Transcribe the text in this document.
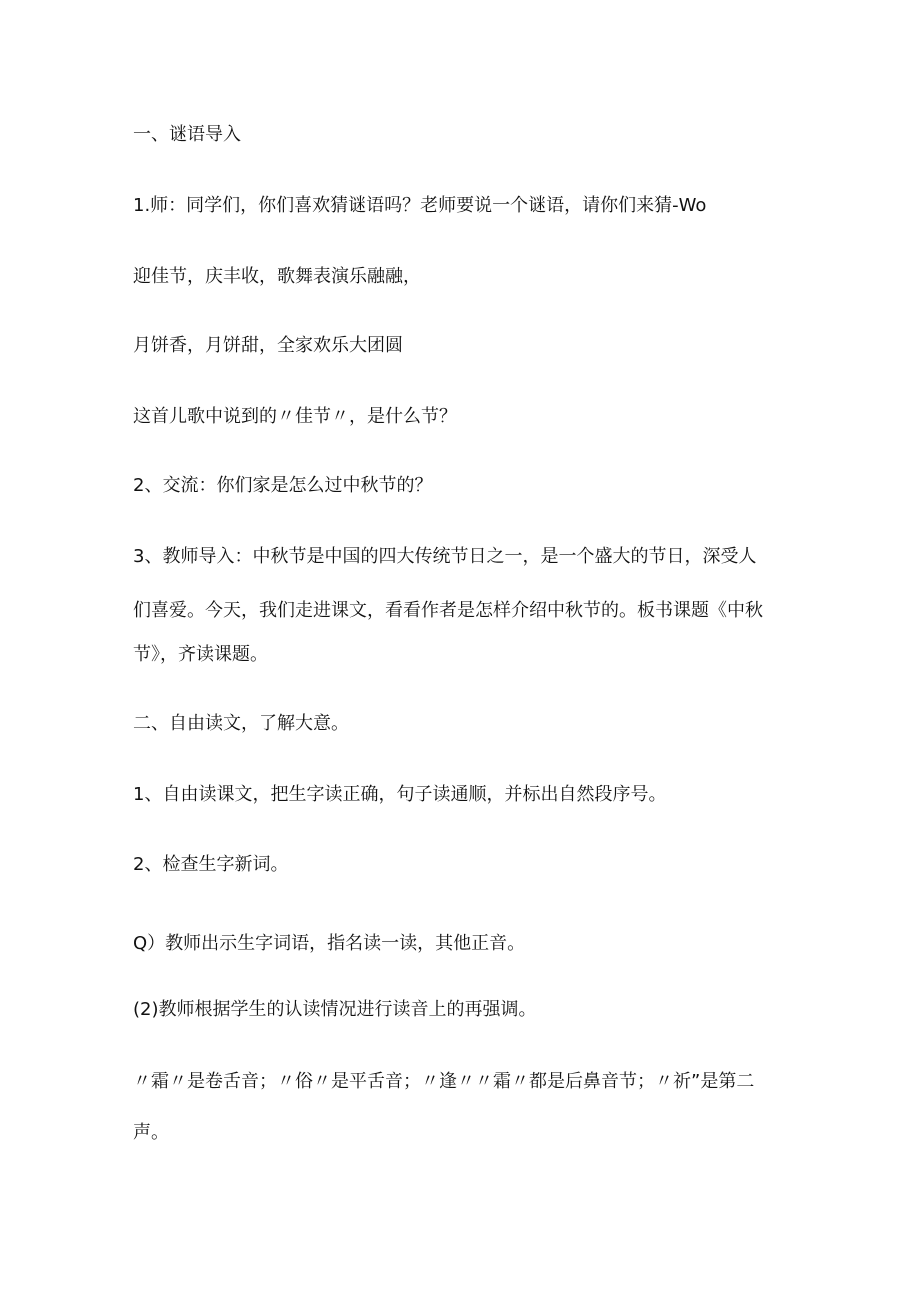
一、谜语导入
1.师：同学们，你们喜欢猜谜语吗？老师要说一个谜语，请你们来猜-Wo
迎佳节，庆丰收，歌舞表演乐融融，
月饼香，月饼甜，全家欢乐大团圆
这首儿歌中说到的〃佳节〃，是什么节？
2、交流：你们家是怎么过中秋节的？
3、教师导入：中秋节是中国的四大传统节日之一，是一个盛大的节日，深受人
们喜爱。今天，我们走进课文，看看作者是怎样介绍中秋节的。板书课题《中秋
节》，齐读课题。
二、自由读文，了解大意。
1、自由读课文，把生字读正确，句子读通顺，并标出自然段序号。
2、检查生字新词。
Q）教师出示生字词语，指名读一读，其他正音。
(2)教师根据学生的认读情况进行读音上的再强调。
〃霜〃是卷舌音；〃俗〃是平舌音；〃逢〃〃霜〃都是后鼻音节；〃祈”是第二
声。
